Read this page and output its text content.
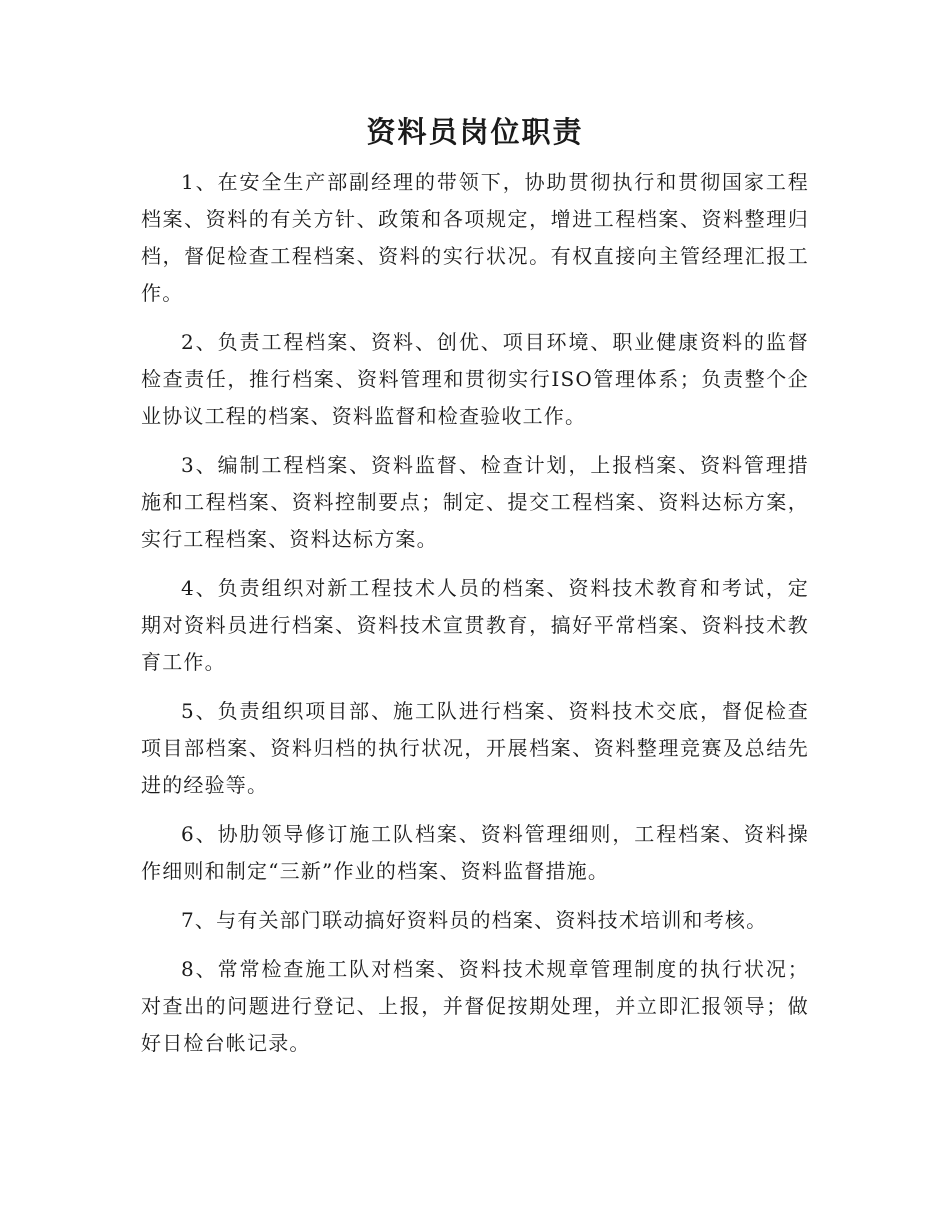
资料员岗位职责

1、在安全生产部副经理的带领下，协助贯彻执行和贯彻国家工程档案、资料的有关方针、政策和各项规定，增进工程档案、资料整理归档，督促检查工程档案、资料的实行状况。有权直接向主管经理汇报工作。

2、负责工程档案、资料、创优、项目环境、职业健康资料的监督检查责任，推行档案、资料管理和贯彻实行ISO管理体系；负责整个企业协议工程的档案、资料监督和检查验收工作。

3、编制工程档案、资料监督、检查计划，上报档案、资料管理措施和工程档案、资料控制要点；制定、提交工程档案、资料达标方案，实行工程档案、资料达标方案。

4、负责组织对新工程技术人员的档案、资料技术教育和考试，定期对资料员进行档案、资料技术宣贯教育，搞好平常档案、资料技术教育工作。

5、负责组织项目部、施工队进行档案、资料技术交底，督促检查项目部档案、资料归档的执行状况，开展档案、资料整理竞赛及总结先进的经验等。

6、协肋领导修订施工队档案、资料管理细则，工程档案、资料操作细则和制定“三新”作业的档案、资料监督措施。

7、与有关部门联动搞好资料员的档案、资料技术培训和考核。

8、常常检查施工队对档案、资料技术规章管理制度的执行状况；对查出的问题进行登记、上报，并督促按期处理，并立即汇报领导；做好日检台帐记录。
